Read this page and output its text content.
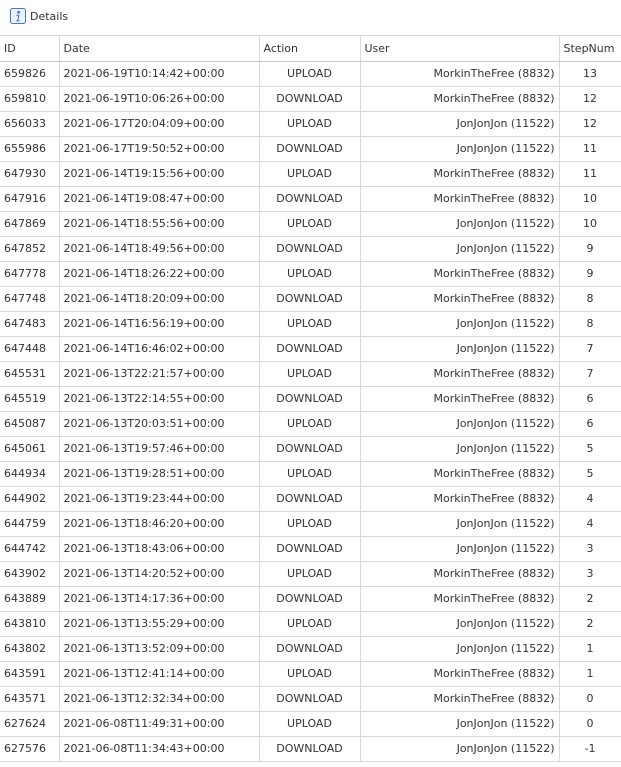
Details
ID	Date	Action	User	StepNum
659826	2021-06-19T10:14:42+00:00	UPLOAD	MorkinTheFree (8832)	13
659810	2021-06-19T10:06:26+00:00	DOWNLOAD	MorkinTheFree (8832)	12
656033	2021-06-17T20:04:09+00:00	UPLOAD	JonJonJon (11522)	12
655986	2021-06-17T19:50:52+00:00	DOWNLOAD	JonJonJon (11522)	11
647930	2021-06-14T19:15:56+00:00	UPLOAD	MorkinTheFree (8832)	11
647916	2021-06-14T19:08:47+00:00	DOWNLOAD	MorkinTheFree (8832)	10
647869	2021-06-14T18:55:56+00:00	UPLOAD	JonJonJon (11522)	10
647852	2021-06-14T18:49:56+00:00	DOWNLOAD	JonJonJon (11522)	9
647778	2021-06-14T18:26:22+00:00	UPLOAD	MorkinTheFree (8832)	9
647748	2021-06-14T18:20:09+00:00	DOWNLOAD	MorkinTheFree (8832)	8
647483	2021-06-14T16:56:19+00:00	UPLOAD	JonJonJon (11522)	8
647448	2021-06-14T16:46:02+00:00	DOWNLOAD	JonJonJon (11522)	7
645531	2021-06-13T22:21:57+00:00	UPLOAD	MorkinTheFree (8832)	7
645519	2021-06-13T22:14:55+00:00	DOWNLOAD	MorkinTheFree (8832)	6
645087	2021-06-13T20:03:51+00:00	UPLOAD	JonJonJon (11522)	6
645061	2021-06-13T19:57:46+00:00	DOWNLOAD	JonJonJon (11522)	5
644934	2021-06-13T19:28:51+00:00	UPLOAD	MorkinTheFree (8832)	5
644902	2021-06-13T19:23:44+00:00	DOWNLOAD	MorkinTheFree (8832)	4
644759	2021-06-13T18:46:20+00:00	UPLOAD	JonJonJon (11522)	4
644742	2021-06-13T18:43:06+00:00	DOWNLOAD	JonJonJon (11522)	3
643902	2021-06-13T14:20:52+00:00	UPLOAD	MorkinTheFree (8832)	3
643889	2021-06-13T14:17:36+00:00	DOWNLOAD	MorkinTheFree (8832)	2
643810	2021-06-13T13:55:29+00:00	UPLOAD	JonJonJon (11522)	2
643802	2021-06-13T13:52:09+00:00	DOWNLOAD	JonJonJon (11522)	1
643591	2021-06-13T12:41:14+00:00	UPLOAD	MorkinTheFree (8832)	1
643571	2021-06-13T12:32:34+00:00	DOWNLOAD	MorkinTheFree (8832)	0
627624	2021-06-08T11:49:31+00:00	UPLOAD	JonJonJon (11522)	0
627576	2021-06-08T11:34:43+00:00	DOWNLOAD	JonJonJon (11522)	-1
